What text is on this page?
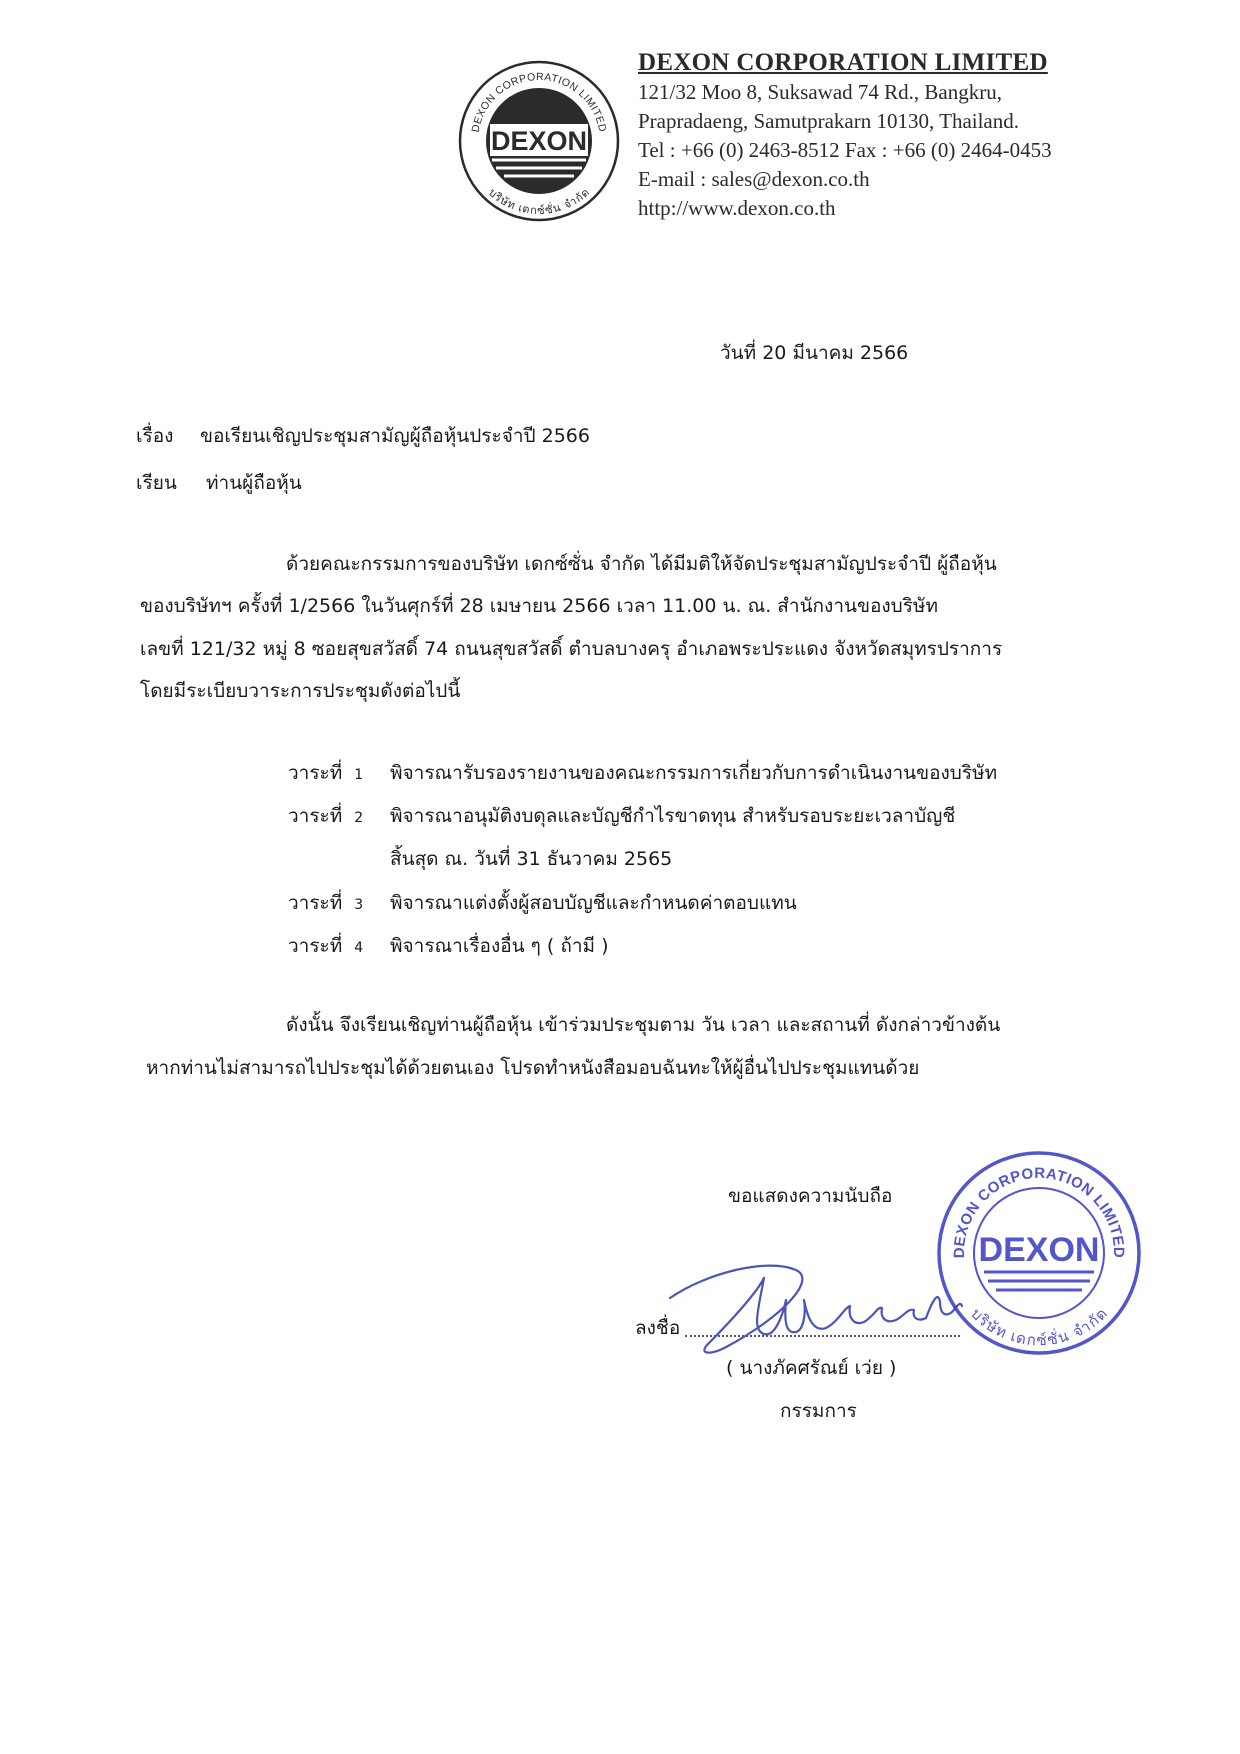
DEXON
DEXON CORPORATION LIMITED
บริษัท เดกซ์ซั่น จำกัด
DEXON CORPORATION LIMITED
121/32 Moo 8, Suksawad 74 Rd., Bangkru,
Prapradaeng, Samutprakarn 10130, Thailand.
Tel : +66 (0) 2463-8512 Fax : +66 (0) 2464-0453
E-mail : sales@dexon.co.th
http://www.dexon.co.th
วันที่ 20 มีนาคม 2566
เรื่อง ขอเรียนเชิญประชุมสามัญผู้ถือหุ้นประจำปี 2566
เรียน ท่านผู้ถือหุ้น
ด้วยคณะกรรมการของบริษัท เดกซ์ซั่น จำกัด ได้มีมติให้จัดประชุมสามัญประจำปี ผู้ถือหุ้น
ของบริษัทฯ ครั้งที่ 1/2566 ในวันศุกร์ที่ 28 เมษายน 2566 เวลา 11.00 น. ณ. สำนักงานของบริษัท
เลขที่ 121/32 หมู่ 8 ซอยสุขสวัสดิ์ 74 ถนนสุขสวัสดิ์ ตำบลบางครุ อำเภอพระประแดง จังหวัดสมุทรปราการ
โดยมีระเบียบวาระการประชุมดังต่อไปนี้
วาระที่ 1 พิจารณารับรองรายงานของคณะกรรมการเกี่ยวกับการดำเนินงานของบริษัท
วาระที่ 2 พิจารณาอนุมัติงบดุลและบัญชีกำไรขาดทุน สำหรับรอบระยะเวลาบัญชี
สิ้นสุด ณ. วันที่ 31 ธันวาคม 2565
วาระที่ 3 พิจารณาแต่งตั้งผู้สอบบัญชีและกำหนดค่าตอบแทน
วาระที่ 4 พิจารณาเรื่องอื่น ๆ ( ถ้ามี )
ดังนั้น จึงเรียนเชิญท่านผู้ถือหุ้น เข้าร่วมประชุมตาม วัน เวลา และสถานที่ ดังกล่าวข้างต้น
หากท่านไม่สามารถไปประชุมได้ด้วยตนเอง โปรดทำหนังสือมอบฉันทะให้ผู้อื่นไปประชุมแทนด้วย
ขอแสดงความนับถือ
ลงชื่อ
( นางภัคศรัณย์ เว่ย )
กรรมการ
DEXON
DEXON CORPORATION LIMITED
บริษัท เดกซ์ซั่น จำกัด
